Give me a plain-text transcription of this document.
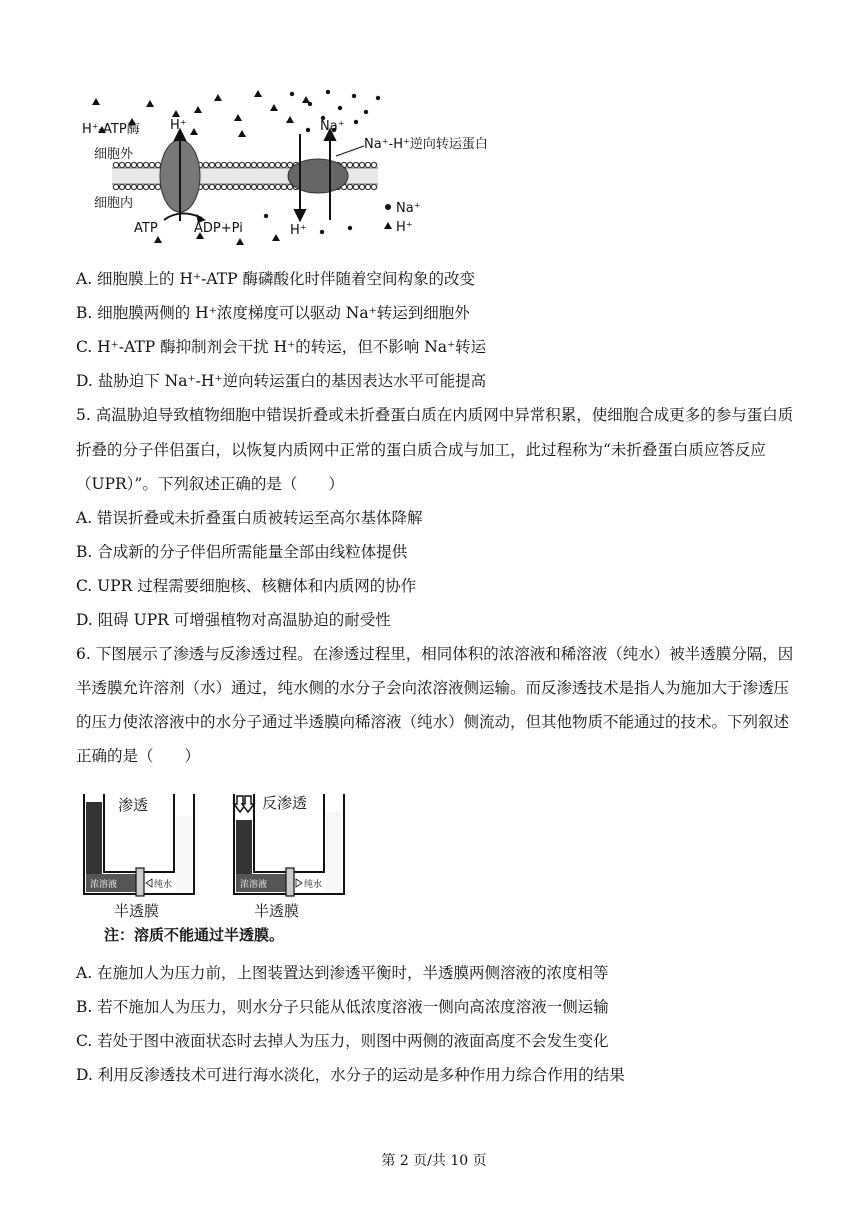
H⁺-ATP酶 H⁺	Na⁺
Na⁺-H⁺逆向转运蛋白
细胞外
细胞内
ATP	ADP+Pi	H⁺
Na⁺
H⁺
A. 细胞膜上的 H⁺-ATP 酶磷酸化时伴随着空间构象的改变
B. 细胞膜两侧的 H⁺浓度梯度可以驱动 Na⁺转运到细胞外
C. H⁺-ATP 酶抑制剂会干扰 H⁺的转运，但不影响 Na⁺转运
D. 盐胁迫下 Na⁺-H⁺逆向转运蛋白的基因表达水平可能提高
5. 高温胁迫导致植物细胞中错误折叠或未折叠蛋白质在内质网中异常积累，使细胞合成更多的参与蛋白质
折叠的分子伴侣蛋白，以恢复内质网中正常的蛋白质合成与加工，此过程称为“未折叠蛋白质应答反应
（UPR）”。下列叙述正确的是（　　）
A. 错误折叠或未折叠蛋白质被转运至高尔基体降解
B. 合成新的分子伴侣所需能量全部由线粒体提供
C. UPR 过程需要细胞核、核糖体和内质网的协作
D. 阻碍 UPR 可增强植物对高温胁迫的耐受性
6. 下图展示了渗透与反渗透过程。在渗透过程里，相同体积的浓溶液和稀溶液（纯水）被半透膜分隔，因
半透膜允许溶剂（水）通过，纯水侧的水分子会向浓溶液侧运输。而反渗透技术是指人为施加大于渗透压
的压力使浓溶液中的水分子通过半透膜向稀溶液（纯水）侧流动，但其他物质不能通过的技术。下列叙述
正确的是（　　）
渗透	反渗透
浓溶液	纯水	浓溶液	纯水
半透膜	半透膜
注：溶质不能通过半透膜。
A. 在施加人为压力前，上图装置达到渗透平衡时，半透膜两侧溶液的浓度相等
B. 若不施加人为压力，则水分子只能从低浓度溶液一侧向高浓度溶液一侧运输
C. 若处于图中液面状态时去掉人为压力，则图中两侧的液面高度不会发生变化
D. 利用反渗透技术可进行海水淡化，水分子的运动是多种作用力综合作用的结果
第 2 页/共 10 页
